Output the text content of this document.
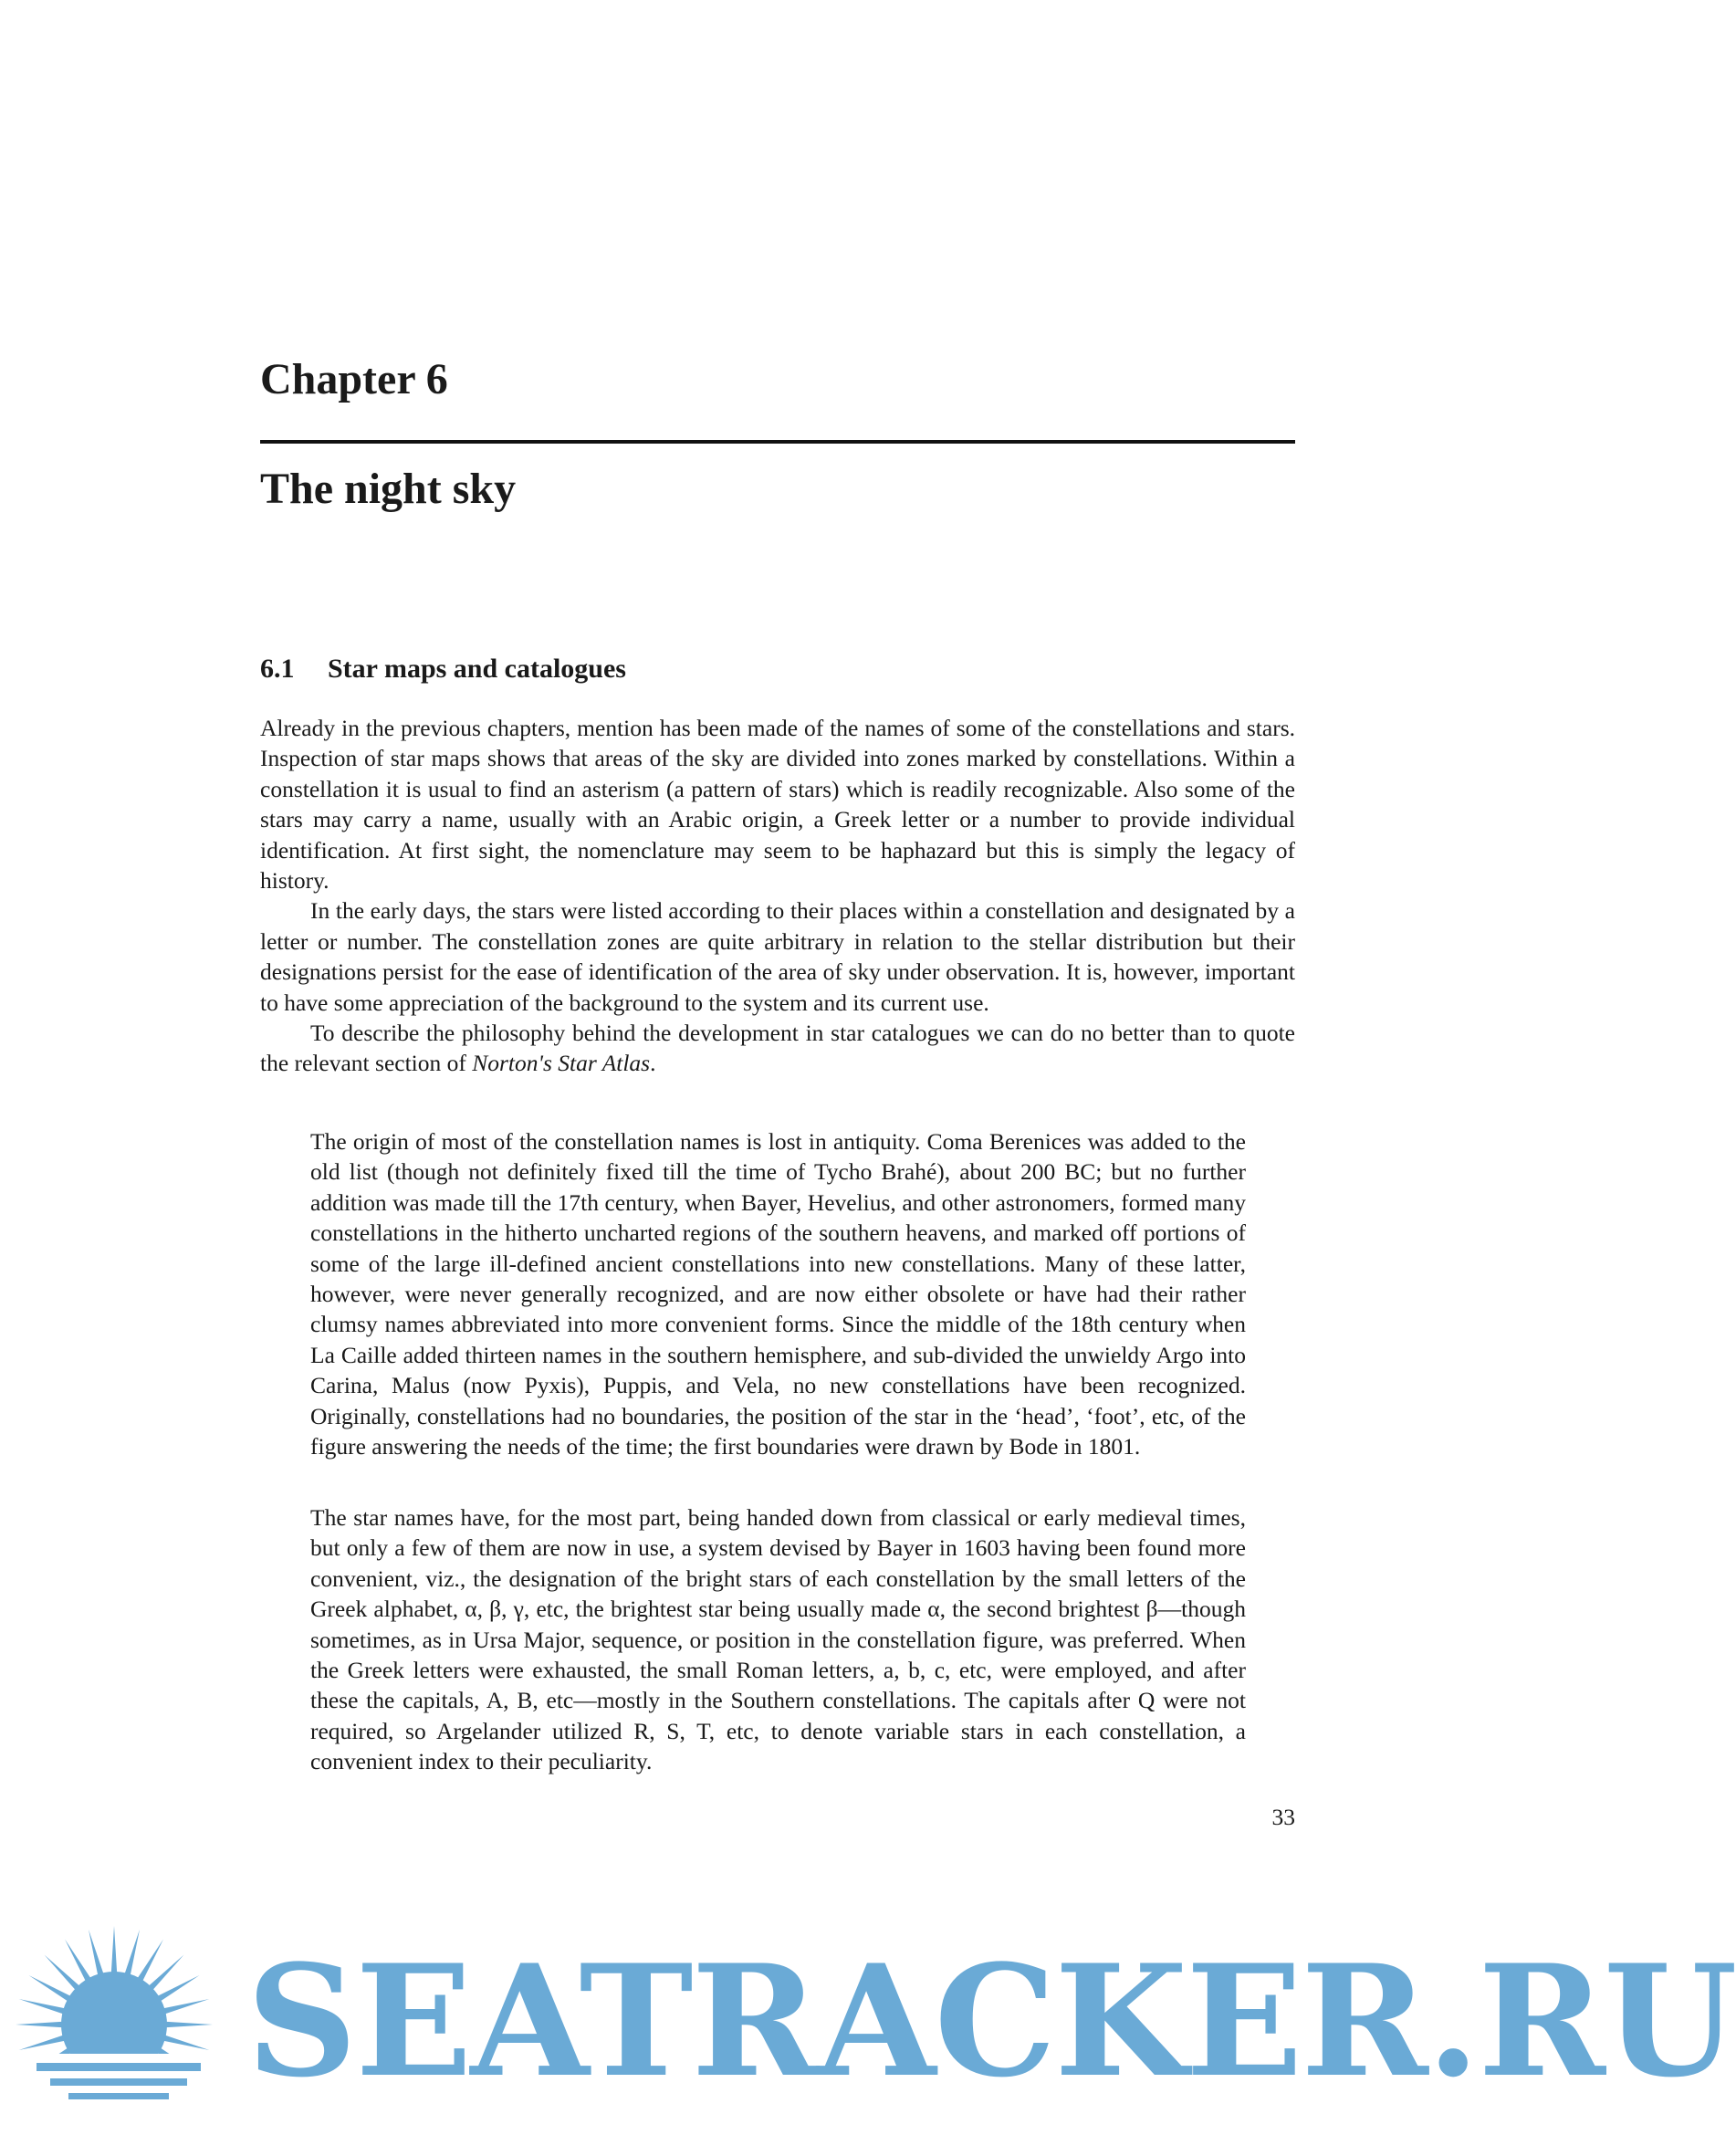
Chapter 6
The night sky
6.1 Star maps and catalogues

Already in the previous chapters, mention has been made of the names of some of the constellations and stars. Inspection of star maps shows that areas of the sky are divided into zones marked by constellations. Within a constellation it is usual to find an asterism (a pattern of stars) which is readily recognizable. Also some of the stars may carry a name, usually with an Arabic origin, a Greek letter or a number to provide individual identification. At first sight, the nomenclature may seem to be haphazard but this is simply the legacy of history.

In the early days, the stars were listed according to their places within a constellation and designated by a letter or number. The constellation zones are quite arbitrary in relation to the stellar distribution but their designations persist for the ease of identification of the area of sky under observation. It is, however, important to have some appreciation of the background to the system and its current use.

To describe the philosophy behind the development in star catalogues we can do no better than to quote the relevant section of Norton's Star Atlas.

The origin of most of the constellation names is lost in antiquity. Coma Berenices was added to the old list (though not definitely fixed till the time of Tycho Brahé), about 200 BC; but no further addition was made till the 17th century, when Bayer, Hevelius, and other astronomers, formed many constellations in the hitherto uncharted regions of the southern heavens, and marked off portions of some of the large ill-defined ancient constellations into new constellations. Many of these latter, however, were never generally recognized, and are now either obsolete or have had their rather clumsy names abbreviated into more convenient forms. Since the middle of the 18th century when La Caille added thirteen names in the southern hemisphere, and sub-divided the unwieldy Argo into Carina, Malus (now Pyxis), Puppis, and Vela, no new constellations have been recognized. Originally, constellations had no boundaries, the position of the star in the ‘head’, ‘foot’, etc, of the figure answering the needs of the time; the first boundaries were drawn by Bode in 1801.

The star names have, for the most part, being handed down from classical or early medieval times, but only a few of them are now in use, a system devised by Bayer in 1603 having been found more convenient, viz., the designation of the bright stars of each constellation by the small letters of the Greek alphabet, α, β, γ, etc, the brightest star being usually made α, the second brightest β—though sometimes, as in Ursa Major, sequence, or position in the constellation figure, was preferred. When the Greek letters were exhausted, the small Roman letters, a, b, c, etc, were employed, and after these the capitals, A, B, etc—mostly in the Southern constellations. The capitals after Q were not required, so Argelander utilized R, S, T, etc, to denote variable stars in each constellation, a convenient index to their peculiarity.

33
SEATRACKER.RU
